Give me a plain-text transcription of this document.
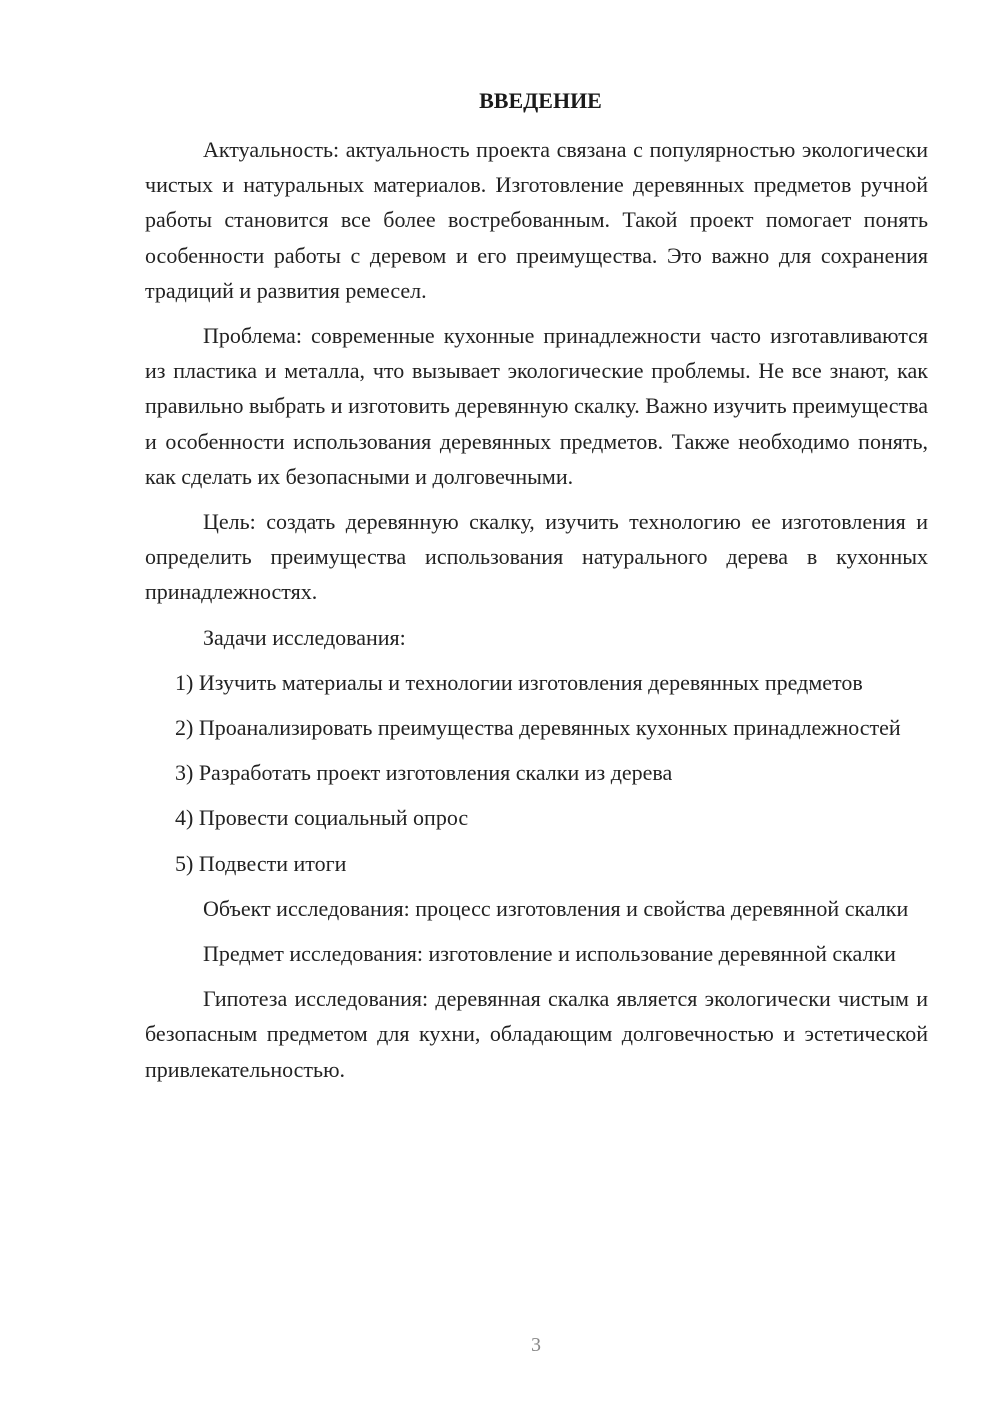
ВВЕДЕНИЕ

Актуальность: актуальность проекта связана с популярностью экологически чистых и натуральных материалов. Изготовление деревянных предметов ручной работы становится все более востребованным. Такой проект помогает понять особенности работы с деревом и его преимущества. Это важно для сохранения традиций и развития ремесел.

Проблема: современные кухонные принадлежности часто изготавливаются из пластика и металла, что вызывает экологические проблемы. Не все знают, как правильно выбрать и изготовить деревянную скалку. Важно изучить преимущества и особенности использования деревянных предметов. Также необходимо понять, как сделать их безопасными и долговечными.

Цель: создать деревянную скалку, изучить технологию ее изготовления и определить преимущества использования натурального дерева в кухонных принадлежностях.

Задачи исследования:

1) Изучить материалы и технологии изготовления деревянных предметов

2) Проанализировать преимущества деревянных кухонных принадлежностей

3) Разработать проект изготовления скалки из дерева

4) Провести социальный опрос

5) Подвести итоги

Объект исследования: процесс изготовления и свойства деревянной скалки

Предмет исследования: изготовление и использование деревянной скалки

Гипотеза исследования: деревянная скалка является экологически чистым и безопасным предметом для кухни, обладающим долговечностью и эстетической привлекательностью.

3
